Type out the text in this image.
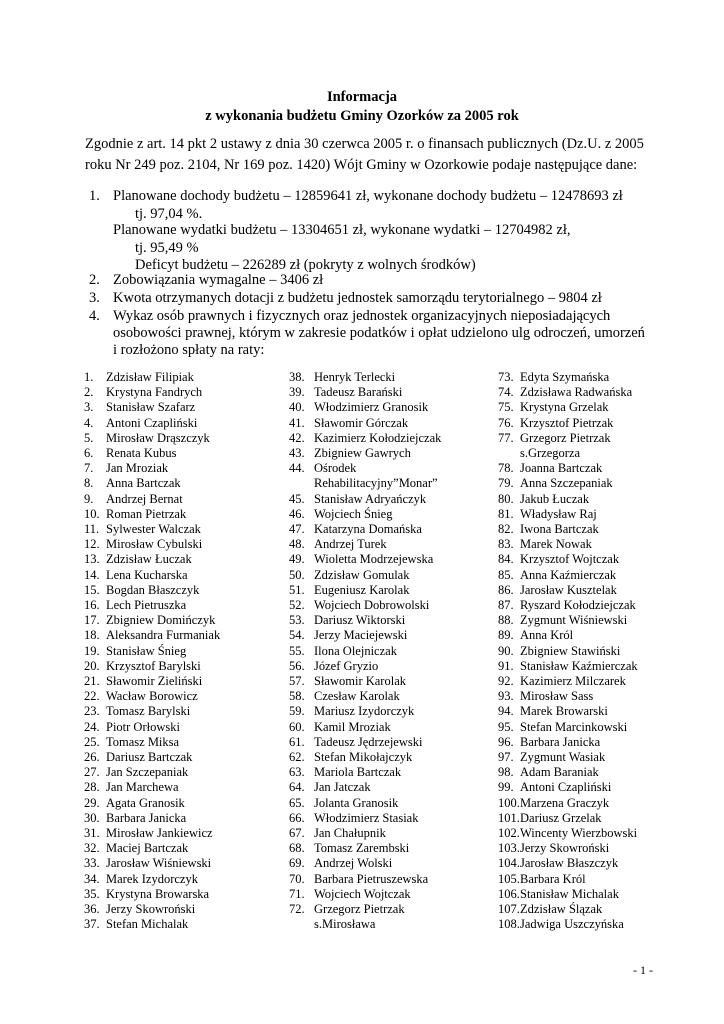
Informacja
z wykonania budżetu Gminy Ozorków za 2005 rok
Zgodnie z art. 14 pkt 2 ustawy z dnia 30 czerwca 2005 r. o finansach publicznych (Dz.U. z 2005 roku Nr 249 poz. 2104, Nr 169 poz. 1420) Wójt Gminy w Ozorkowie podaje następujące dane:
1. Planowane dochody budżetu – 12859641 zł, wykonane dochody budżetu – 12478693 zł
tj. 97,04 %.
Planowane wydatki budżetu – 13304651 zł, wykonane wydatki – 12704982 zł,
tj. 95,49 %
Deficyt budżetu – 226289 zł (pokryty z wolnych środków)
2. Zobowiązania wymagalne – 3406 zł
3. Kwota otrzymanych dotacji z budżetu jednostek samorządu terytorialnego – 9804 zł
4. Wykaz osób prawnych i fizycznych oraz jednostek organizacyjnych nieposiadających
osobowości prawnej, którym w zakresie podatków i opłat udzielono ulg odroczeń, umorzeń
i rozłożono spłaty na raty:
1. Zdzisław Filipiak
2. Krystyna Fandrych
3. Stanisław Szafarz
4. Antoni Czapliński
5. Mirosław Drąszczyk
6. Renata Kubus
7. Jan Mroziak
8. Anna Bartczak
9. Andrzej Bernat
10. Roman Pietrzak
11. Sylwester Walczak
12. Mirosław Cybulski
13. Zdzisław Łuczak
14. Lena Kucharska
15. Bogdan Błaszczyk
16. Lech Pietruszka
17. Zbigniew Domińczyk
18. Aleksandra Furmaniak
19. Stanisław Śnieg
20. Krzysztof Barylski
21. Sławomir Zieliński
22. Wacław Borowicz
23. Tomasz Barylski
24. Piotr Orłowski
25. Tomasz Miksa
26. Dariusz Bartczak
27. Jan Szczepaniak
28. Jan Marchewa
29. Agata Granosik
30. Barbara Janicka
31. Mirosław Jankiewicz
32. Maciej Bartczak
33. Jarosław Wiśniewski
34. Marek Izydorczyk
35. Krystyna Browarska
36. Jerzy Skowroński
37. Stefan Michalak
38. Henryk Terlecki
39. Tadeusz Barański
40. Włodzimierz Granosik
41. Sławomir Górczak
42. Kazimierz Kołodziejczak
43. Zbigniew Gawrych
44. Ośrodek
Rehabilitacyjny”Monar”
45. Stanisław Adryańczyk
46. Wojciech Śnieg
47. Katarzyna Domańska
48. Andrzej Turek
49. Wioletta Modrzejewska
50. Zdzisław Gomulak
51. Eugeniusz Karolak
52. Wojciech Dobrowolski
53. Dariusz Wiktorski
54. Jerzy Maciejewski
55. Ilona Olejniczak
56. Józef Gryzio
57. Sławomir Karolak
58. Czesław Karolak
59. Mariusz Izydorczyk
60. Kamil Mroziak
61. Tadeusz Jędrzejewski
62. Stefan Mikołajczyk
63. Mariola Bartczak
64. Jan Jatczak
65. Jolanta Granosik
66. Włodzimierz Stasiak
67. Jan Chałupnik
68. Tomasz Zarembski
69. Andrzej Wolski
70. Barbara Pietruszewska
71. Wojciech Wojtczak
72. Grzegorz Pietrzak
s.Mirosława
73. Edyta Szymańska
74. Zdzisława Radwańska
75. Krystyna Grzelak
76. Krzysztof Pietrzak
77. Grzegorz Pietrzak
s.Grzegorza
78. Joanna Bartczak
79. Anna Szczepaniak
80. Jakub Łuczak
81. Władysław Raj
82. Iwona Bartczak
83. Marek Nowak
84. Krzysztof Wojtczak
85. Anna Kaźmierczak
86. Jarosław Kusztelak
87. Ryszard Kołodziejczak
88. Zygmunt Wiśniewski
89. Anna Król
90. Zbigniew Stawiński
91. Stanisław Kaźmierczak
92. Kazimierz Milczarek
93. Mirosław Sass
94. Marek Browarski
95. Stefan Marcinkowski
96. Barbara Janicka
97. Zygmunt Wasiak
98. Adam Baraniak
99. Antoni Czapliński
100.Marzena Graczyk
101.Dariusz Grzelak
102.Wincenty Wierzbowski
103.Jerzy Skowroński
104.Jarosław Błaszczyk
105.Barbara Król
106.Stanisław Michalak
107.Zdzisław Ślązak
108.Jadwiga Uszczyńska
- 1 -
